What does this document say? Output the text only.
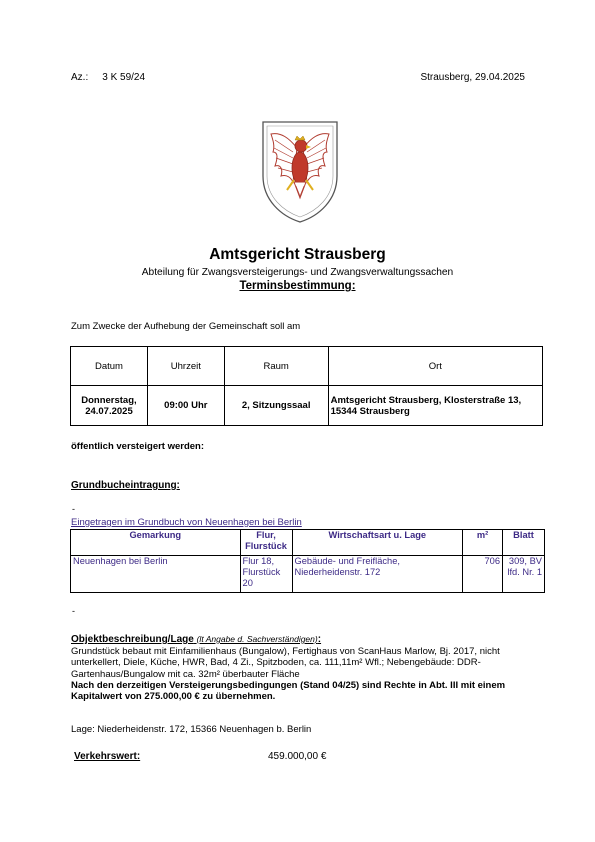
Az.: 3 K 59/24	Strausberg, 29.04.2025
Amtsgericht Strausberg
Abteilung für Zwangsversteigerungs- und Zwangsverwaltungssachen
Terminsbestimmung:
Zum Zwecke der Aufhebung der Gemeinschaft soll am
Datum	Uhrzeit	Raum	Ort
Donnerstag, 24.07.2025	09:00 Uhr	2, Sitzungssaal	Amtsgericht Strausberg, Klosterstraße 13, 15344 Strausberg
öffentlich versteigert werden:
Grundbucheintragung:
-
Eingetragen im Grundbuch von Neuenhagen bei Berlin
Gemarkung	Flur, Flurstück	Wirtschaftsart u. Lage	m²	Blatt
Neuenhagen bei Berlin	Flur 18, Flurstück 20	Gebäude- und Freifläche, Niederheidenstr. 172	706	309, BV lfd. Nr. 1
-
Objektbeschreibung/Lage (lt Angabe d. Sachverständigen):
Grundstück bebaut mit Einfamilienhaus (Bungalow), Fertighaus von ScanHaus Marlow, Bj. 2017, nicht unterkellert, Diele, Küche, HWR, Bad, 4 Zi., Spitzboden, ca. 111,11m² Wfl.; Nebengebäude: DDR-Gartenhaus/Bungalow mit ca. 32m² überbauter Fläche
Nach den derzeitigen Versteigerungsbedingungen (Stand 04/25) sind Rechte in Abt. III mit einem Kapitalwert von 275.000,00 € zu übernehmen.
Lage: Niederheidenstr. 172, 15366 Neuenhagen b. Berlin
Verkehrswert:	459.000,00 €
